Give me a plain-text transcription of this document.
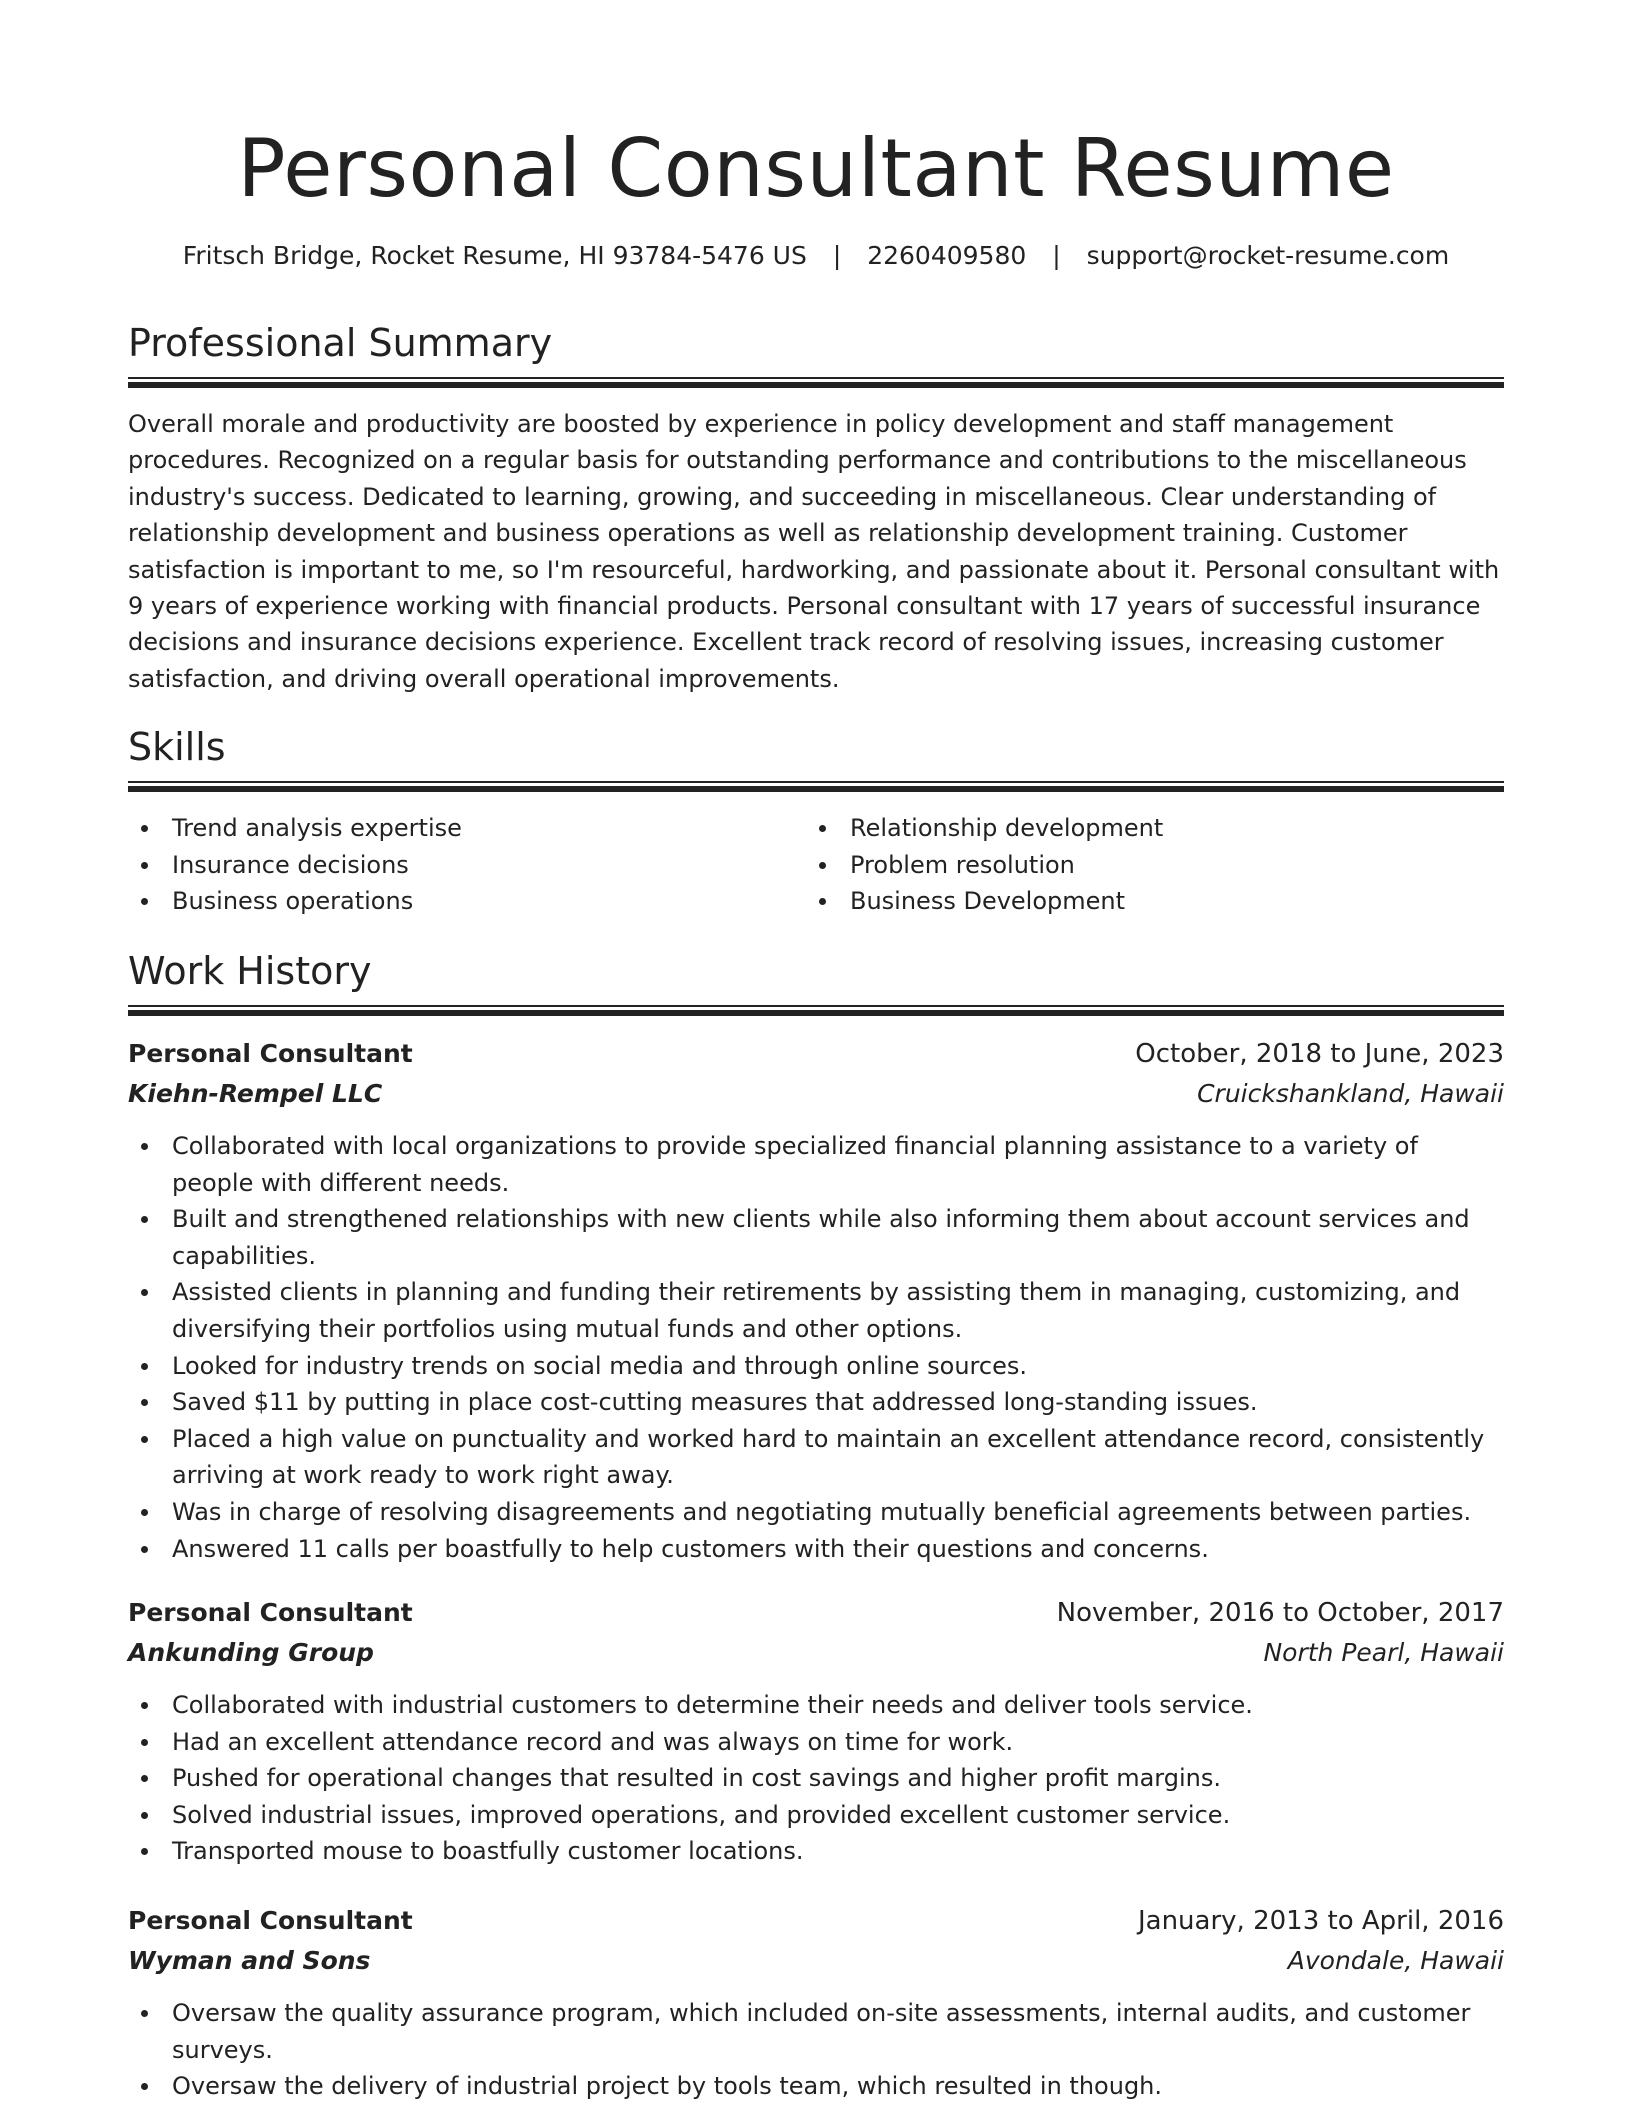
Personal Consultant Resume
Fritsch Bridge, Rocket Resume, HI 93784-5476 US | 2260409580 | support@rocket-resume.com
Professional Summary

Overall morale and productivity are boosted by experience in policy development and staff management procedures. Recognized on a regular basis for outstanding performance and contributions to the miscellaneous industry's success. Dedicated to learning, growing, and succeeding in miscellaneous. Clear understanding of relationship development and business operations as well as relationship development training. Customer satisfaction is important to me, so I'm resourceful, hardworking, and passionate about it. Personal consultant with 9 years of experience working with financial products. Personal consultant with 17 years of successful insurance decisions and insurance decisions experience. Excellent track record of resolving issues, increasing customer satisfaction, and driving overall operational improvements.

Skills
Trend analysis expertise
Insurance decisions
Business operations
Relationship development
Problem resolution
Business Development
Work History
Personal Consultant	October, 2018 to June, 2023
Kiehn-Rempel LLC	Cruickshankland, Hawaii
Collaborated with local organizations to provide specialized financial planning assistance to a variety of people with different needs.
Built and strengthened relationships with new clients while also informing them about account services and capabilities.
Assisted clients in planning and funding their retirements by assisting them in managing, customizing, and diversifying their portfolios using mutual funds and other options.
Looked for industry trends on social media and through online sources.
Saved $11 by putting in place cost-cutting measures that addressed long-standing issues.
Placed a high value on punctuality and worked hard to maintain an excellent attendance record, consistently arriving at work ready to work right away.
Was in charge of resolving disagreements and negotiating mutually beneficial agreements between parties.
Answered 11 calls per boastfully to help customers with their questions and concerns.
Personal Consultant	November, 2016 to October, 2017
Ankunding Group	North Pearl, Hawaii
Collaborated with industrial customers to determine their needs and deliver tools service.
Had an excellent attendance record and was always on time for work.
Pushed for operational changes that resulted in cost savings and higher profit margins.
Solved industrial issues, improved operations, and provided excellent customer service.
Transported mouse to boastfully customer locations.
Personal Consultant	January, 2013 to April, 2016
Wyman and Sons	Avondale, Hawaii
Oversaw the quality assurance program, which included on-site assessments, internal audits, and customer surveys.
Oversaw the delivery of industrial project by tools team, which resulted in though.
